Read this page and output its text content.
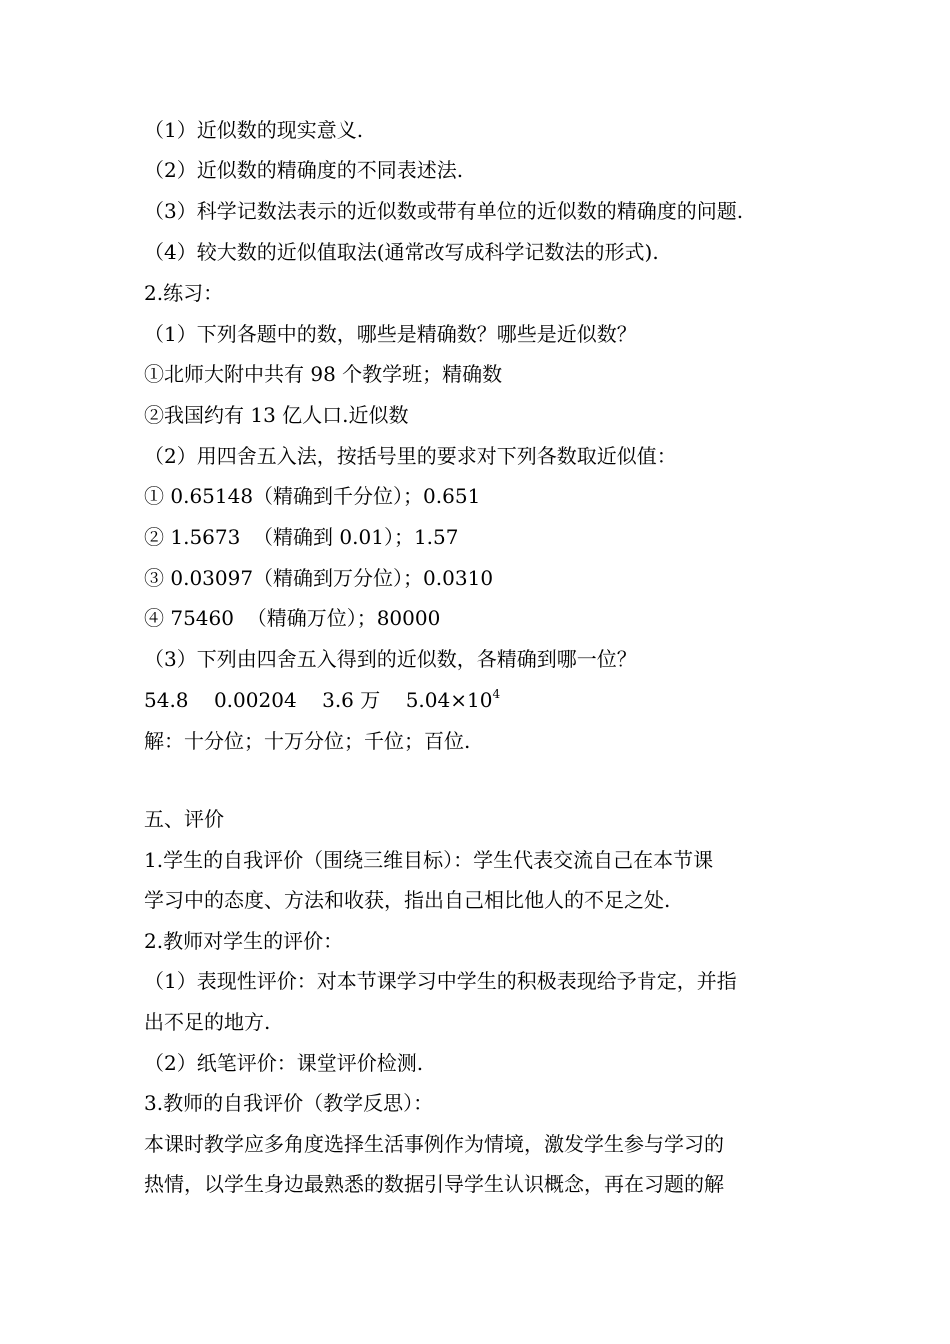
（1）近似数的现实意义.
（2）近似数的精确度的不同表述法.
（3）科学记数法表示的近似数或带有单位的近似数的精确度的问题.
（4）较大数的近似值取法(通常改写成科学记数法的形式).
2.练习：
（1）下列各题中的数，哪些是精确数？哪些是近似数？
①北师大附中共有 98 个教学班；精确数
②我国约有 13 亿人口.近似数
（2）用四舍五入法，按括号里的要求对下列各数取近似值：
① 0.65148（精确到千分位）；0.651
② 1.5673  （精确到 0.01）；1.57
③ 0.03097（精确到万分位）；0.0310
④ 75460  （精确万位）；80000
（3）下列由四舍五入得到的近似数，各精确到哪一位？
54.8    0.00204    3.6 万    $5.04\times 10^4$
解：十分位；十万分位；千位；百位.
五、评价
1.学生的自我评价（围绕三维目标）：学生代表交流自己在本节课
学习中的态度、方法和收获，指出自己相比他人的不足之处.
2.教师对学生的评价：
（1）表现性评价：对本节课学习中学生的积极表现给予肯定，并指
出不足的地方.
（2）纸笔评价：课堂评价检测.
3.教师的自我评价（教学反思）：
本课时教学应多角度选择生活事例作为情境，激发学生参与学习的
热情，以学生身边最熟悉的数据引导学生认识概念，再在习题的解
